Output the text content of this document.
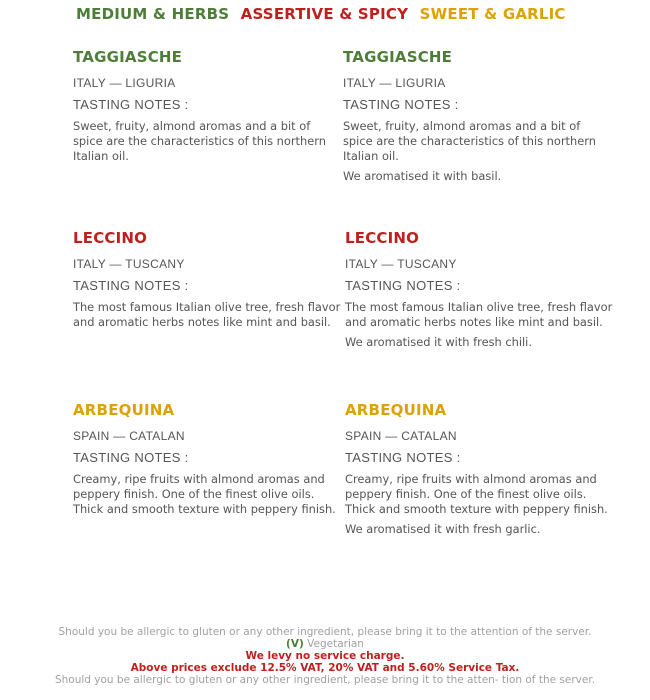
MEDIUM & HERBS ASSERTIVE & SPICY SWEET & GARLIC
TAGGIASCHE
ITALY — LIGURIA
TASTING NOTES :
Sweet, fruity, almond aromas and a bit of spice are the characteristics of this northern Italian oil.
LECCINO
ITALY — TUSCANY
TASTING NOTES :
The most famous Italian olive tree, fresh flavor and aromatic herbs notes like mint and basil.
ARBEQUINA
SPAIN — CATALAN
TASTING NOTES :
Creamy, ripe fruits with almond aromas and peppery finish. One of the finest olive oils. Thick and smooth texture with peppery finish.
TAGGIASCHE
ITALY — LIGURIA
TASTING NOTES :
Sweet, fruity, almond aromas and a bit of spice are the characteristics of this northern Italian oil.
We aromatised it with basil.
LECCINO
ITALY — TUSCANY
TASTING NOTES :
The most famous Italian olive tree, fresh flavor and aromatic herbs notes like mint and basil.
We aromatised it with fresh chili.
ARBEQUINA
SPAIN — CATALAN
TASTING NOTES :
Creamy, ripe fruits with almond aromas and peppery finish. One of the finest olive oils. Thick and smooth texture with peppery finish.
We aromatised it with fresh garlic.
Should you be allergic to gluten or any other ingredient, please bring it to the attention of the server.
(V) Vegetarian
We levy no service charge.
Above prices exclude 12.5% VAT, 20% VAT and 5.60% Service Tax.
Should you be allergic to gluten or any other ingredient, please bring it to the atten- tion of the server.
